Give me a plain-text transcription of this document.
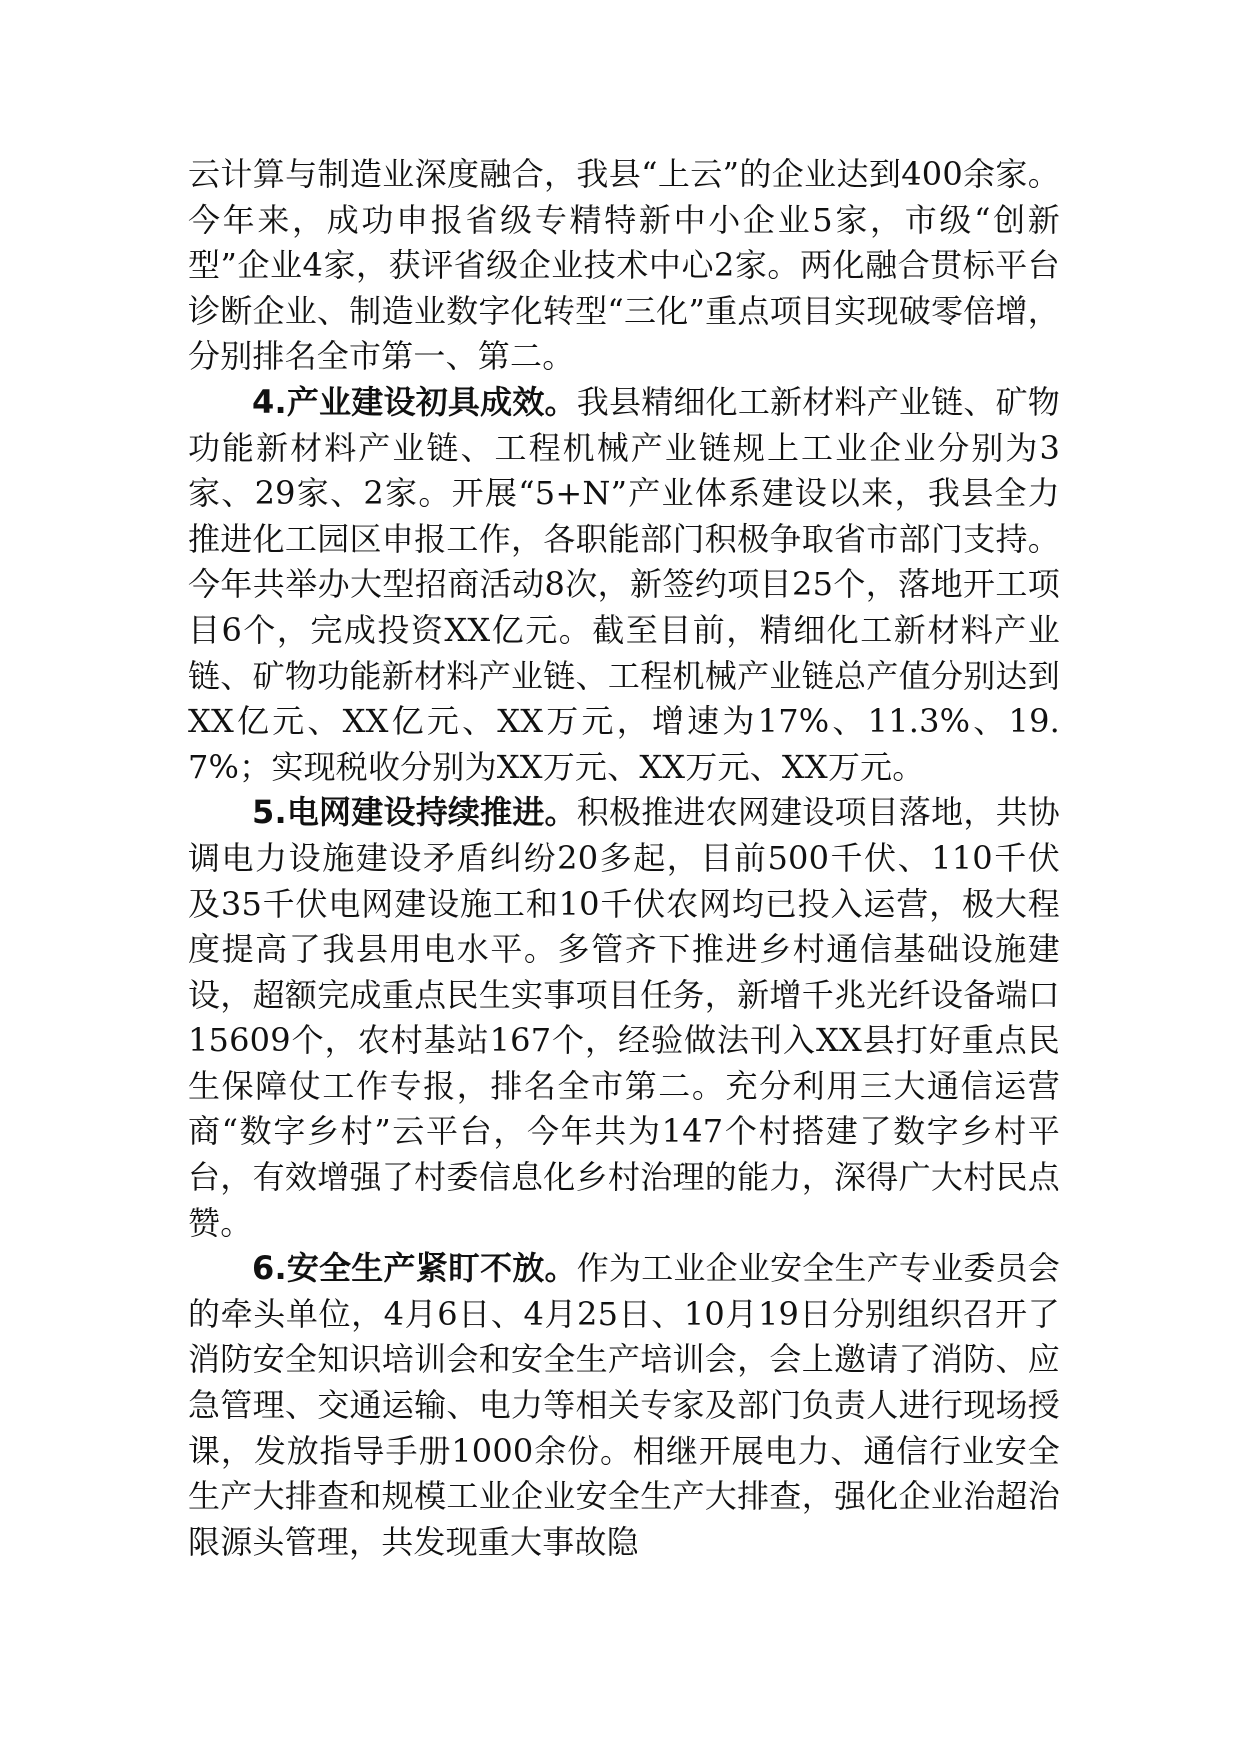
云计算与制造业深度融合，我县“上云”的企业达到400余家。今年来，成功申报省级专精特新中小企业5家，市级“创新型”企业4家，获评省级企业技术中心2家。两化融合贯标平台诊断企业、制造业数字化转型“三化”重点项目实现破零倍增，分别排名全市第一、第二。

4.产业建设初具成效。我县精细化工新材料产业链、矿物功能新材料产业链、工程机械产业链规上工业企业分别为3家、29家、2家。开展“5+N”产业体系建设以来，我县全力推进化工园区申报工作，各职能部门积极争取省市部门支持。今年共举办大型招商活动8次，新签约项目25个，落地开工项目6个，完成投资XX亿元。截至目前，精细化工新材料产业链、矿物功能新材料产业链、工程机械产业链总产值分别达到XX亿元、XX亿元、XX万元，增速为17%、11.3%、19.7%；实现税收分别为XX万元、XX万元、XX万元。

5.电网建设持续推进。积极推进农网建设项目落地，共协调电力设施建设矛盾纠纷20多起，目前500千伏、110千伏及35千伏电网建设施工和10千伏农网均已投入运营，极大程度提高了我县用电水平。多管齐下推进乡村通信基础设施建设，超额完成重点民生实事项目任务，新增千兆光纤设备端口15609个，农村基站167个，经验做法刊入XX县打好重点民生保障仗工作专报，排名全市第二。充分利用三大通信运营商“数字乡村”云平台，今年共为147个村搭建了数字乡村平台，有效增强了村委信息化乡村治理的能力，深得广大村民点赞。

6.安全生产紧盯不放。作为工业企业安全生产专业委员会的牵头单位，4月6日、4月25日、10月19日分别组织召开了消防安全知识培训会和安全生产培训会，会上邀请了消防、应急管理、交通运输、电力等相关专家及部门负责人进行现场授课，发放指导手册1000余份。相继开展电力、通信行业安全生产大排查和规模工业企业安全生产大排查，强化企业治超治限源头管理，共发现重大事故隐
